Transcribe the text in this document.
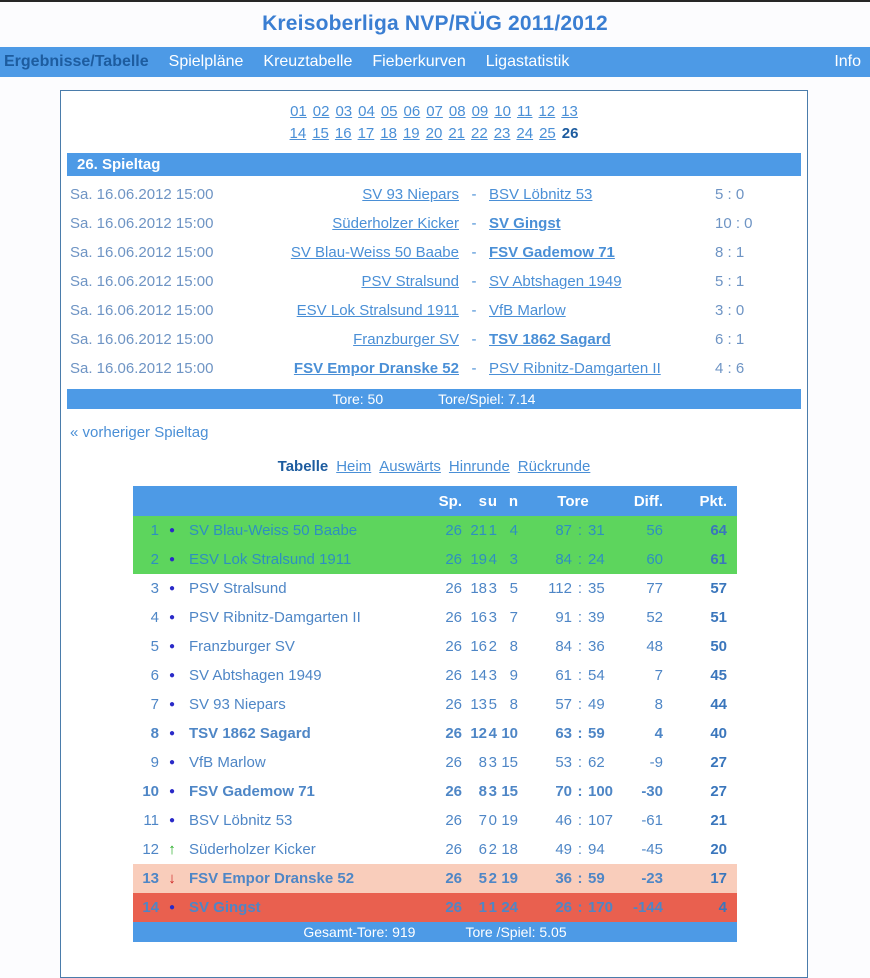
Kreisoberliga NVP/RÜG 2011/2012
Ergebnisse/Tabelle	Spielpläne	Kreuztabelle	Fieberkurven	Ligastatistik	Info
01 02 03 04 05 06 07 08 09 10 11 12 13
14 15 16 17 18 19 20 21 22 23 24 25 26
26. Spieltag
Sa. 16.06.2012 15:00	SV 93 Niepars - BSV Löbnitz 53	5 : 0
Sa. 16.06.2012 15:00	Süderholzer Kicker - SV Gingst	10 : 0
Sa. 16.06.2012 15:00	SV Blau-Weiss 50 Baabe - FSV Gademow 71	8 : 1
Sa. 16.06.2012 15:00	PSV Stralsund - SV Abtshagen 1949	5 : 1
Sa. 16.06.2012 15:00	ESV Lok Stralsund 1911 - VfB Marlow	3 : 0
Sa. 16.06.2012 15:00	Franzburger SV - TSV 1862 Sagard	6 : 1
Sa. 16.06.2012 15:00	FSV Empor Dranske 52 - PSV Ribnitz-Damgarten II	4 : 6
Tore: 50	Tore/Spiel: 7.14
« vorheriger Spieltag
Tabelle Heim Auswärts Hinrunde Rückrunde
Sp.	s u n	Tore	Diff.	Pkt.
1 ● SV Blau-Weiss 50 Baabe	26 21 1 4	87 : 31	56	64
2 ● ESV Lok Stralsund 1911	26 19 4 3	84 : 24	60	61
3 ● PSV Stralsund	26 18 3 5	112 : 35	77	57
4 ● PSV Ribnitz-Damgarten II	26 16 3 7	91 : 39	52	51
5 ● Franzburger SV	26 16 2 8	84 : 36	48	50
6 ● SV Abtshagen 1949	26 14 3 9	61 : 54	7	45
7 ● SV 93 Niepars	26 13 5 8	57 : 49	8	44
8 ● TSV 1862 Sagard	26 12 4 10	63 : 59	4	40
9 ● VfB Marlow	26	8 3 15	53 : 62	-9	27
10 ● FSV Gademow 71	26	8 3 15	70 : 100	-30	27
11 ● BSV Löbnitz 53	26	7 0 19	46 : 107	-61	21
12 ↑ Süderholzer Kicker	26	6 2 18	49 : 94	-45	20
13 ↓ FSV Empor Dranske 52	26	5 2 19	36 : 59	-23	17
14 ● SV Gingst	26	1 1 24	26 : 170	-144	4
Gesamt-Tore: 919	Tore /Spiel: 5.05
